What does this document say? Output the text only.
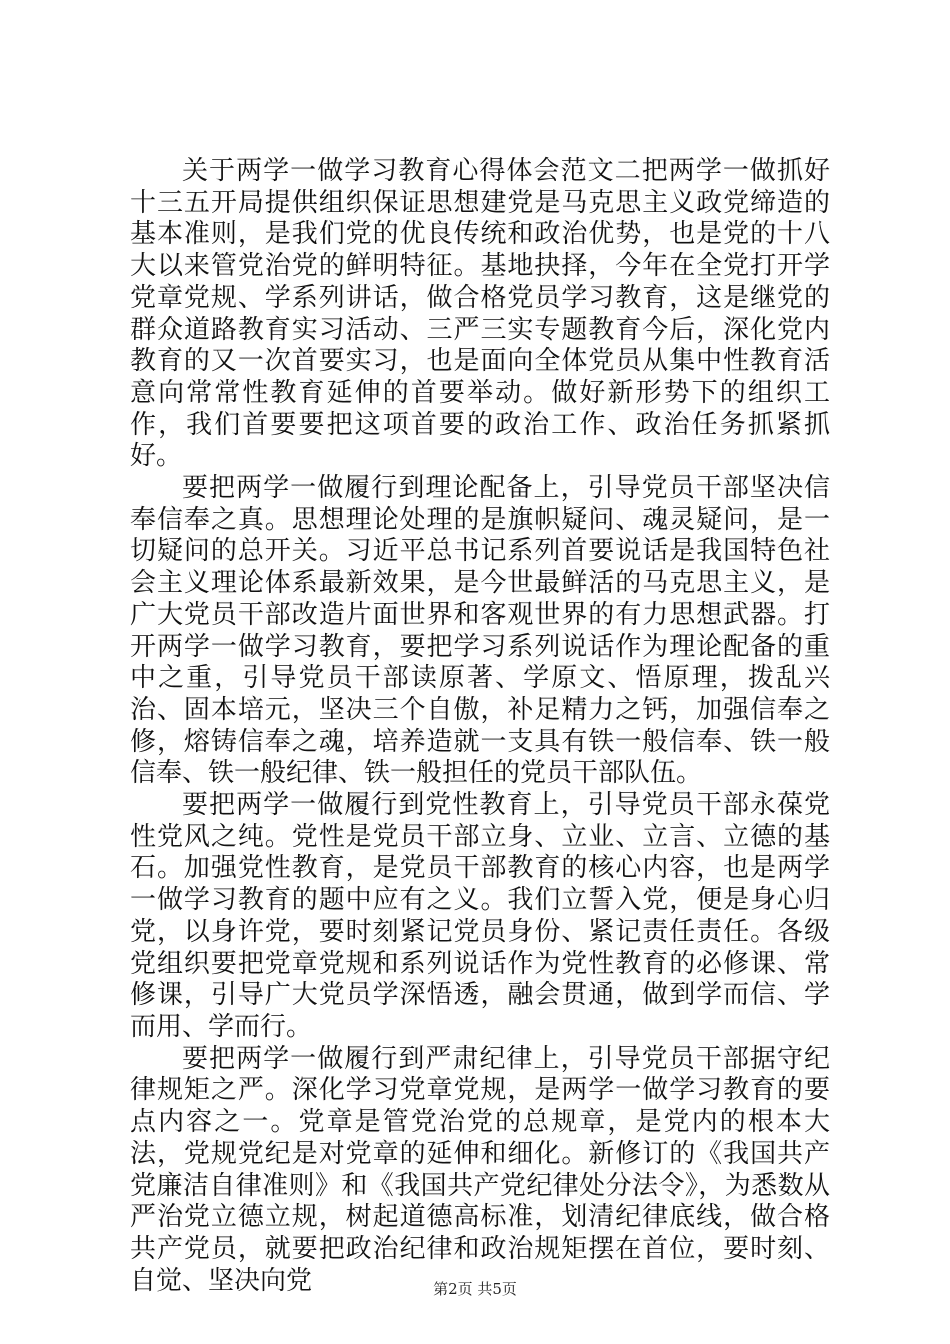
关于两学一做学习教育心得体会范文二把两学一做抓好十三五开局提供组织保证思想建党是马克思主义政党缔造的基本准则，是我们党的优良传统和政治优势，也是党的十八大以来管党治党的鲜明特征。基地抉择，今年在全党打开学党章党规、学系列讲话，做合格党员学习教育，这是继党的群众道路教育实习活动、三严三实专题教育今后，深化党内教育的又一次首要实习，也是面向全体党员从集中性教育活意向常常性教育延伸的首要举动。做好新形势下的组织工作，我们首要要把这项首要的政治工作、政治任务抓紧抓好。

要把两学一做履行到理论配备上，引导党员干部坚决信奉信奉之真。思想理论处理的是旗帜疑问、魂灵疑问，是一切疑问的总开关。习近平总书记系列首要说话是我国特色社会主义理论体系最新效果，是今世最鲜活的马克思主义，是广大党员干部改造片面世界和客观世界的有力思想武器。打开两学一做学习教育，要把学习系列说话作为理论配备的重中之重，引导党员干部读原著、学原文、悟原理，拨乱兴治、固本培元，坚决三个自傲，补足精力之钙，加强信奉之修，熔铸信奉之魂，培养造就一支具有铁一般信奉、铁一般信奉、铁一般纪律、铁一般担任的党员干部队伍。

要把两学一做履行到党性教育上，引导党员干部永葆党性党风之纯。党性是党员干部立身、立业、立言、立德的基石。加强党性教育，是党员干部教育的核心内容，也是两学一做学习教育的题中应有之义。我们立誓入党，便是身心归党，以身许党，要时刻紧记党员身份、紧记责任责任。各级党组织要把党章党规和系列说话作为党性教育的必修课、常修课，引导广大党员学深悟透，融会贯通，做到学而信、学而用、学而行。

要把两学一做履行到严肃纪律上，引导党员干部据守纪律规矩之严。深化学习党章党规，是两学一做学习教育的要点内容之一。党章是管党治党的总规章，是党内的根本大法，党规党纪是对党章的延伸和细化。新修订的《我国共产党廉洁自律准则》和《我国共产党纪律处分法令》，为悉数从严治党立德立规，树起道德高标准，划清纪律底线，做合格共产党员，就要把政治纪律和政治规矩摆在首位，要时刻、自觉、坚决向党	第2页 共5页
